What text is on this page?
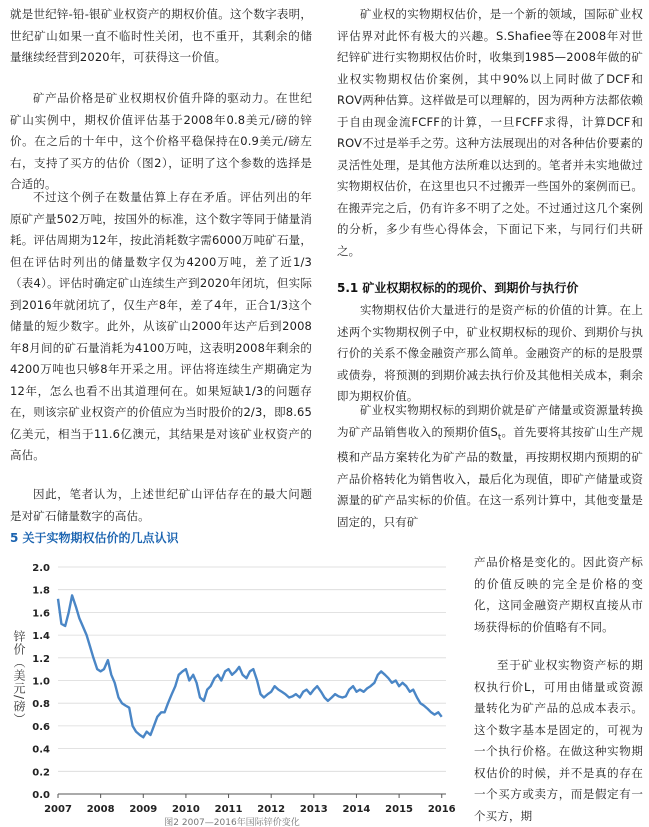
就是世纪锌-铅-银矿业权资产的期权价值。这个数字表明，世纪矿山如果一直不临时性关闭，也不重开，其剩余的储量继续经营到2020年，可获得这一价值。

矿产品价格是矿业权期权价值升降的驱动力。在世纪矿山实例中，期权价值评估基于2008年0.8美元/磅的锌价。在之后的十年中，这个价格平稳保持在0.9美元/磅左右，支持了买方的估价（图2），证明了这个参数的选择是合适的。

不过这个例子在数量估算上存在矛盾。评估列出的年原矿产量502万吨，按国外的标准，这个数字等同于储量消耗。评估周期为12年，按此消耗数字需6000万吨矿石量，但在评估时列出的储量数字仅为4200万吨，差了近1/3（表4）。评估时确定矿山连续生产到2020年闭坑，但实际到2016年就闭坑了，仅生产8年，差了4年，正合1/3这个储量的短少数字。此外，从该矿山2000年达产后到2008年8月间的矿石量消耗为4100万吨，这表明2008年剩余的4200万吨也只够8年开采之用。评估将连续生产期确定为12年，怎么也看不出其道理何在。如果短缺1/3的问题存在，则该宗矿业权资产的价值应为当时股价的2/3，即8.65亿美元，相当于11.6亿澳元，其结果是对该矿业权资产的高估。

因此，笔者认为，上述世纪矿山评估存在的最大问题是对矿石储量数字的高估。

5 关于实物期权估价的几点认识

矿业权的实物期权估价，是一个新的领域，国际矿业权评估界对此怀有极大的兴趣。S.Shafiee等在2008年对世纪锌矿进行实物期权估价时，收集到1985—2008年做的矿业权实物期权估价案例，其中90%以上同时做了DCF和ROV两种估算。这样做是可以理解的，因为两种方法都依赖于自由现金流FCFF的计算，一旦FCFF求得，计算DCF和ROV不过是举手之劳。这种方法展现出的对各种估价要素的灵活性处理，是其他方法所难以达到的。笔者并未实地做过实物期权估价，在这里也只不过搬弄一些国外的案例而已。在搬弄完之后，仍有许多不明了之处。不过通过这几个案例的分析，多少有些心得体会，下面记下来，与同行们共研之。

5.1 矿业权期权标的的现价、到期价与执行价

实物期权估价大量进行的是资产标的价值的计算。在上述两个实物期权例子中，矿业权期权标的现价、到期价与执行价的关系不像金融资产那么简单。金融资产的标的是股票或债券，将预测的到期价减去执行价及其他相关成本，剩余即为期权价值。

矿业权实物期权标的到期价就是矿产储量或资源量转换为矿产品销售收入的预期价值$S_t$。首先要将其按矿山生产规模和产品方案转化为矿产品的数量，再按期权期内预期的矿产品价格转化为销售收入，最后化为现值，即矿产储量或资源量的矿产品实标的价值。在这一系列计算中，其他变量是固定的，只有矿

产品价格是变化的。因此资产标的价值反映的完全是价格的变化，这同金融资产期权直接从市场获得标的价值略有不同。

至于矿业权实物资产标的期权执行价L，可用由储量或资源量转化为矿产品的总成本表示。这个数字基本是固定的，可视为一个执行价格。在做这种实物期权估价的时候，并不是真的存在一个买方或卖方，而是假定有一个买方，期

0.0
0.2
0.4
0.6
0.8
1.0
1.2
1.4
1.6
1.8
2.0
2007 2008 2009 2010 2011 2012 2013 2014 2015 2016
图2 2007—2016年国际锌价变化
锌价（美元/磅）
